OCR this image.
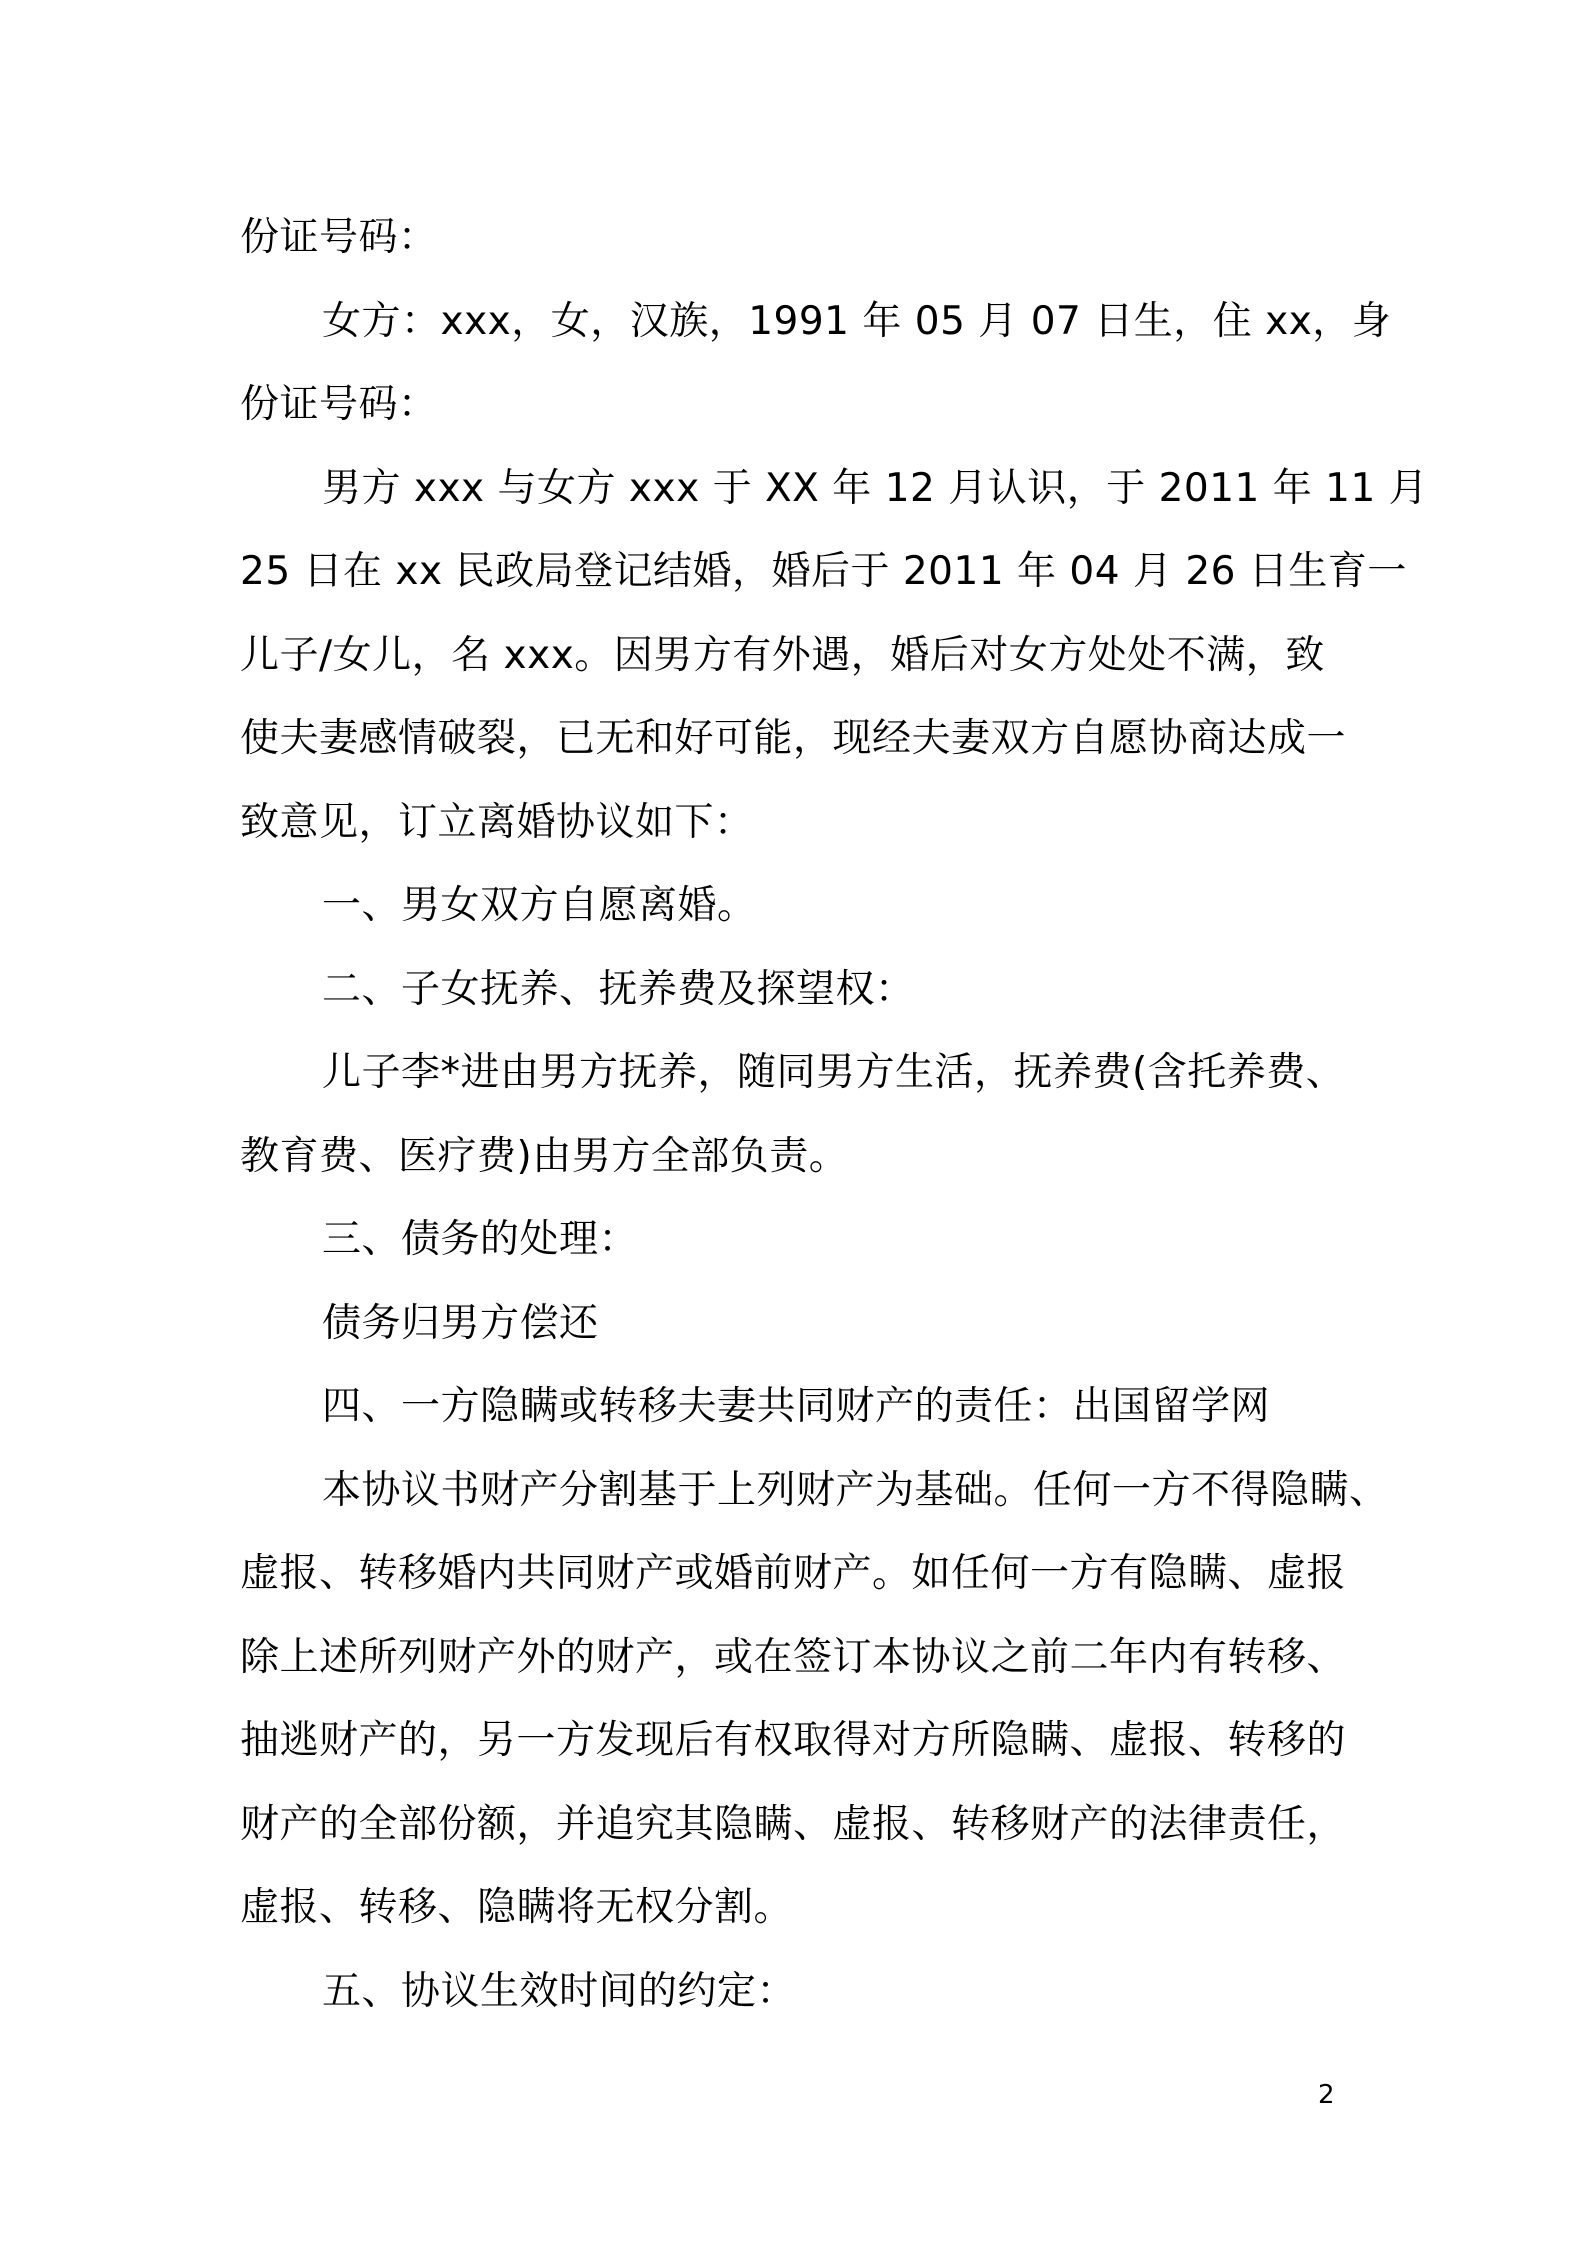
份证号码：
女方：xxx，女，汉族，1991 年 05 月 07 日生，住 xx，身
份证号码：
男方 xxx 与女方 xxx 于 XX 年 12 月认识，于 2011 年 11 月
25 日在 xx 民政局登记结婚，婚后于 2011 年 04 月 26 日生育一
儿子/女儿，名 xxx。因男方有外遇，婚后对女方处处不满，致
使夫妻感情破裂，已无和好可能，现经夫妻双方自愿协商达成一
致意见，订立离婚协议如下：
一、男女双方自愿离婚。
二、子女抚养、抚养费及探望权：
儿子李*进由男方抚养，随同男方生活，抚养费(含托养费、
教育费、医疗费)由男方全部负责。
三、债务的处理：
债务归男方偿还
四、一方隐瞒或转移夫妻共同财产的责任：出国留学网
本协议书财产分割基于上列财产为基础。任何一方不得隐瞒、
虚报、转移婚内共同财产或婚前财产。如任何一方有隐瞒、虚报
除上述所列财产外的财产，或在签订本协议之前二年内有转移、
抽逃财产的，另一方发现后有权取得对方所隐瞒、虚报、转移的
财产的全部份额，并追究其隐瞒、虚报、转移财产的法律责任，
虚报、转移、隐瞒将无权分割。
五、协议生效时间的约定：
2
